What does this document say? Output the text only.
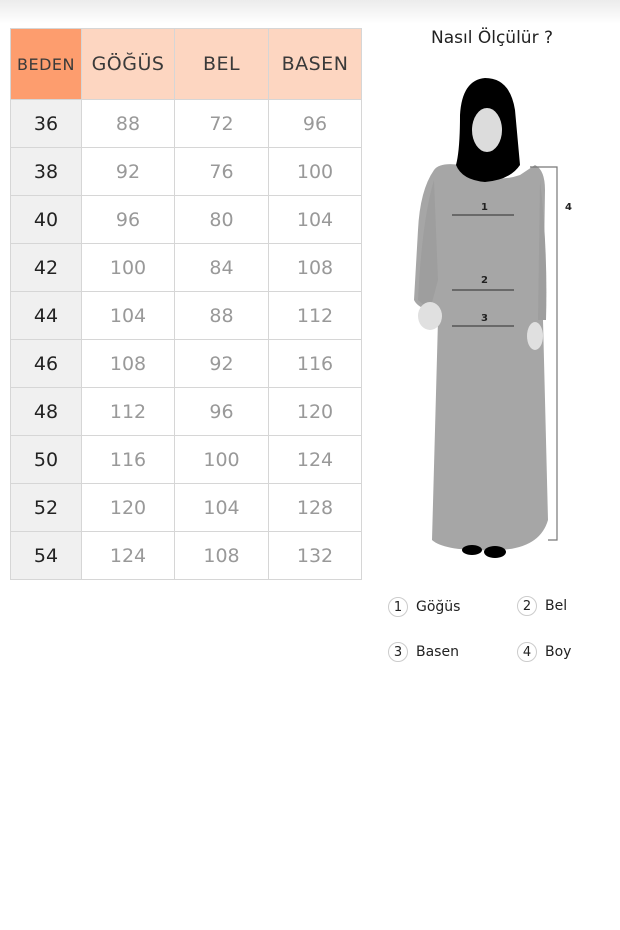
BEDEN	GÖĞÜS	BEL	BASEN
36	88	72	96
38	92	76	100
40	96	80	104
42	100	84	108
44	104	88	112
46	108	92	116
48	112	96	120
50	116	100	124
52	120	104	128
54	124	108	132
Nasıl Ölçülür ?
1
2
3
4
1 Göğüs	2 Bel
3 Basen	4 Boy
